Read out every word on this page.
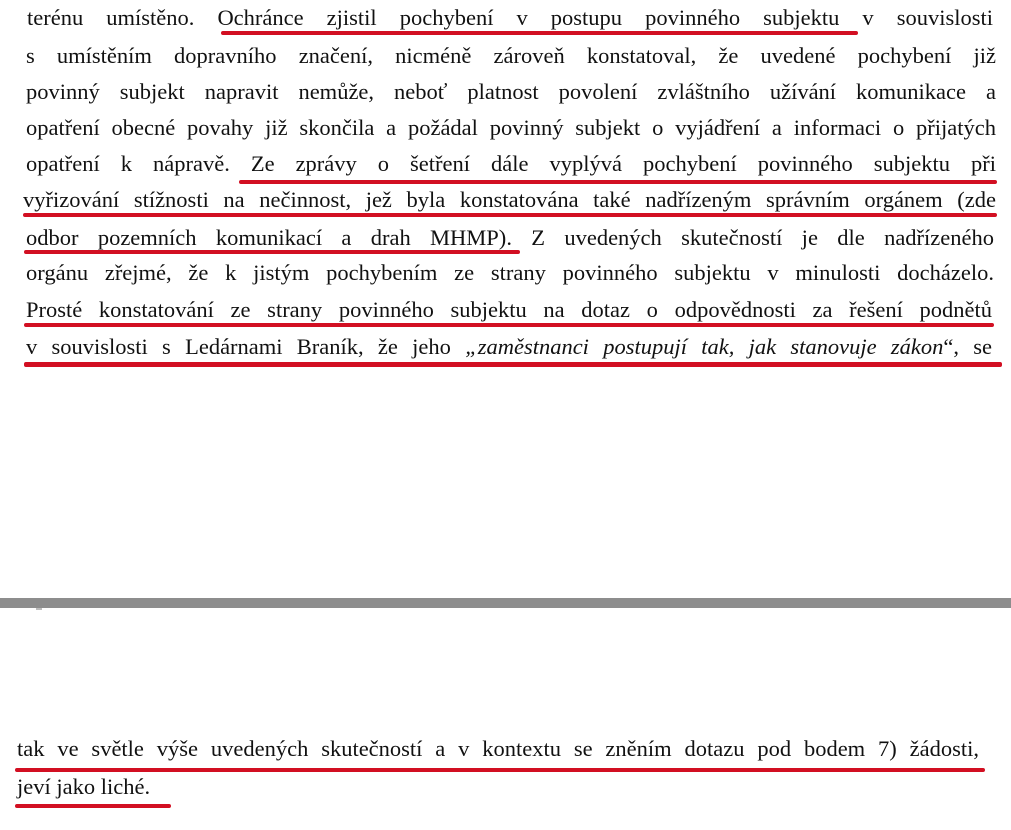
terénu umístěno. Ochránce zjistil pochybení v postupu povinného subjektu v souvislosti
s umístěním dopravního značení, nicméně zároveň konstatoval, že uvedené pochybení již
povinný subjekt napravit nemůže, neboť platnost povolení zvláštního užívání komunikace a
opatření obecné povahy již skončila a požádal povinný subjekt o vyjádření a informaci o přijatých
opatření k nápravě. Ze zprávy o šetření dále vyplývá pochybení povinného subjektu při
vyřizování stížnosti na nečinnost, jež byla konstatována také nadřízeným správním orgánem (zde
odbor pozemních komunikací a drah MHMP). Z uvedených skutečností je dle nadřízeného
orgánu zřejmé, že k jistým pochybením ze strany povinného subjektu v minulosti docházelo.
Prosté konstatování ze strany povinného subjektu na dotaz o odpovědnosti za řešení podnětů
v souvislosti s Ledárnami Braník, že jeho „zaměstnanci postupují tak, jak stanovuje zákon“, se
tak ve světle výše uvedených skutečností a v kontextu se zněním dotazu pod bodem 7) žádosti,
jeví jako liché.
